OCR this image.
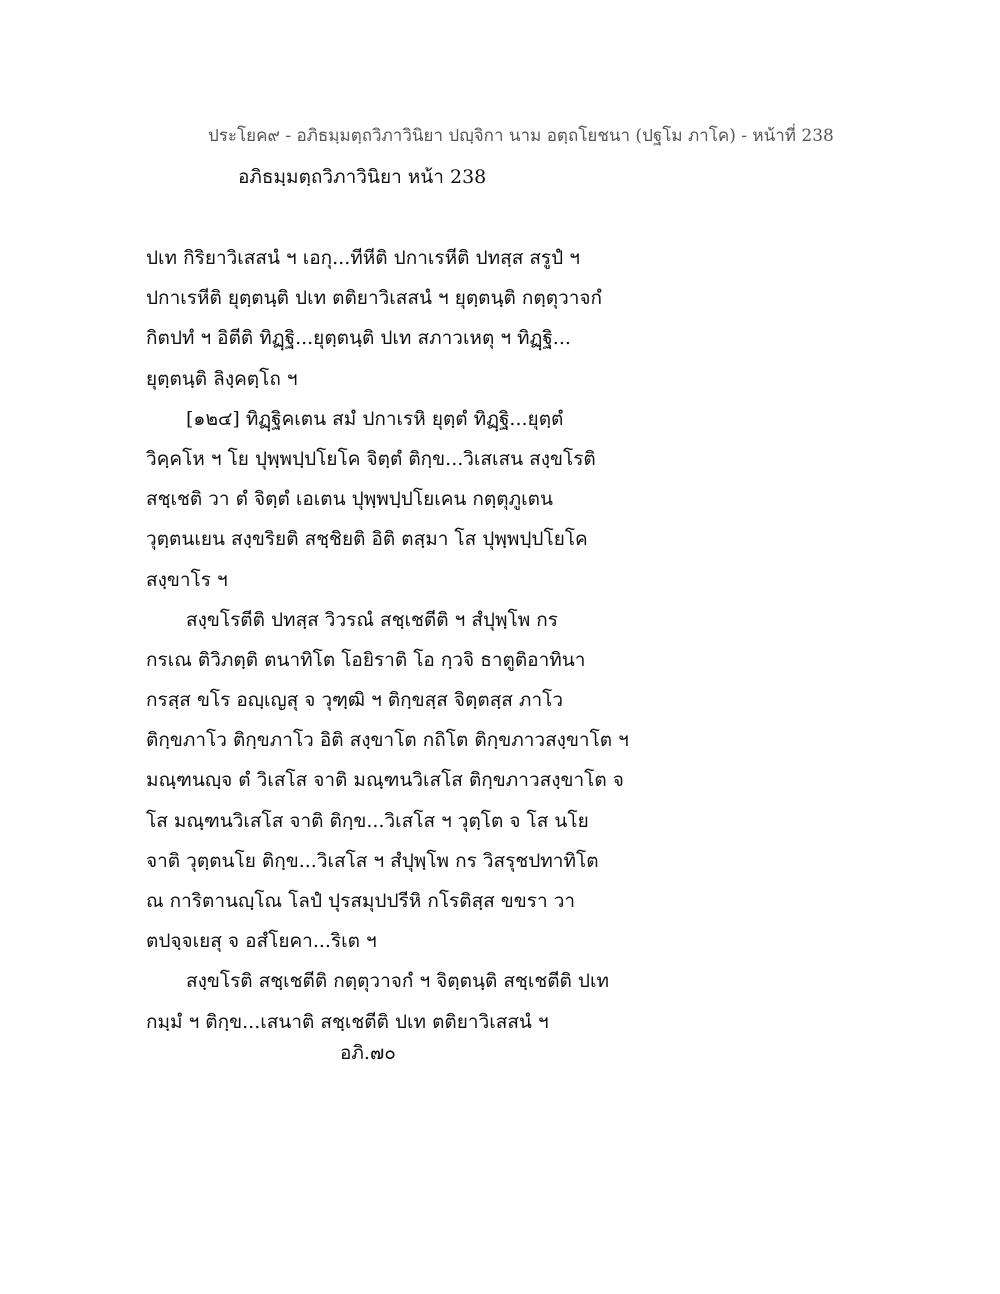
ประโยค๙ - อภิธมฺมตฺถวิภาวินิยา ปญฺจิกา นาม อตฺถโยชนา (ปฐโม ภาโค) - หน้าที่ 238
อภิธมฺมตฺถวิภาวินิยา หน้า 238
ปเท กิริยาวิเสสนํ ฯ เอกุ...ทีหีติ ปกาเรหีติ ปทสฺส สรูปํ ฯ
ปกาเรหีติ ยุตฺตนฺติ ปเท ตติยาวิเสสนํ ฯ ยุตฺตนฺติ กตฺตุวาจกํ
กิตปทํ ฯ อิตีติ ทิฏฺฐิ...ยุตฺตนฺติ ปเท สภาวเหตุ ฯ ทิฏฺฐิ...
ยุตฺตนฺติ ลิงฺคตฺโถ ฯ
[๑๒๔] ทิฏฺฐิคเตน สมํ ปกาเรหิ ยุตฺตํ ทิฏฺฐิ...ยุตฺตํ
วิคฺคโห ฯ โย ปุพฺพปฺปโยโค จิตฺตํ ติกฺข...วิเสเสน สงฺขโรติ
สชฺเชติ วา ตํ จิตฺตํ เอเตน ปุพฺพปฺปโยเคน กตฺตุภูเตน
วุตฺตนเยน สงฺขริยติ สชฺชิยติ อิติ ตสฺมา โส ปุพฺพปฺปโยโค
สงฺขาโร ฯ
สงฺขโรตีติ ปทสฺส วิวรณํ สชฺเชตีติ ฯ สํปุพฺโพ กร
กรเณ ติวิภตฺติ ตนาทิโต โอยิราติ โอ กฺวจิ ธาตูติอาทินา
กรสฺส ขโร อญฺเญสุ จ วุฑฺฒิ ฯ ติกฺขสฺส จิตฺตสฺส ภาโว
ติกฺขภาโว ติกฺขภาโว อิติ สงฺขาโต กถิโต ติกฺขภาวสงฺขาโต ฯ
มณฺฑนญฺจ ตํ วิเสโส จาติ มณฺฑนวิเสโส ติกฺขภาวสงฺขาโต จ
โส มณฺฑนวิเสโส จาติ ติกฺข...วิเสโส ฯ วุตฺโต จ โส นโย
จาติ วุตฺตนโย ติกฺข...วิเสโส ฯ สํปุพฺโพ กร วิสรุชปทาทิโต
ณ การิตานญฺโณ โลปํ ปุรสมุปปรีหิ กโรติสฺส ขขรา วา
ตปจฺจเยสุ จ อสํโยคา...ริเต ฯ
สงฺขโรติ สชฺเชตีติ กตฺตุวาจกํ ฯ จิตฺตนฺติ สชฺเชตีติ ปเท
กมฺมํ ฯ ติกฺข...เสนาติ สชฺเชตีติ ปเท ตติยาวิเสสนํ ฯ
อภิ.๗๐
